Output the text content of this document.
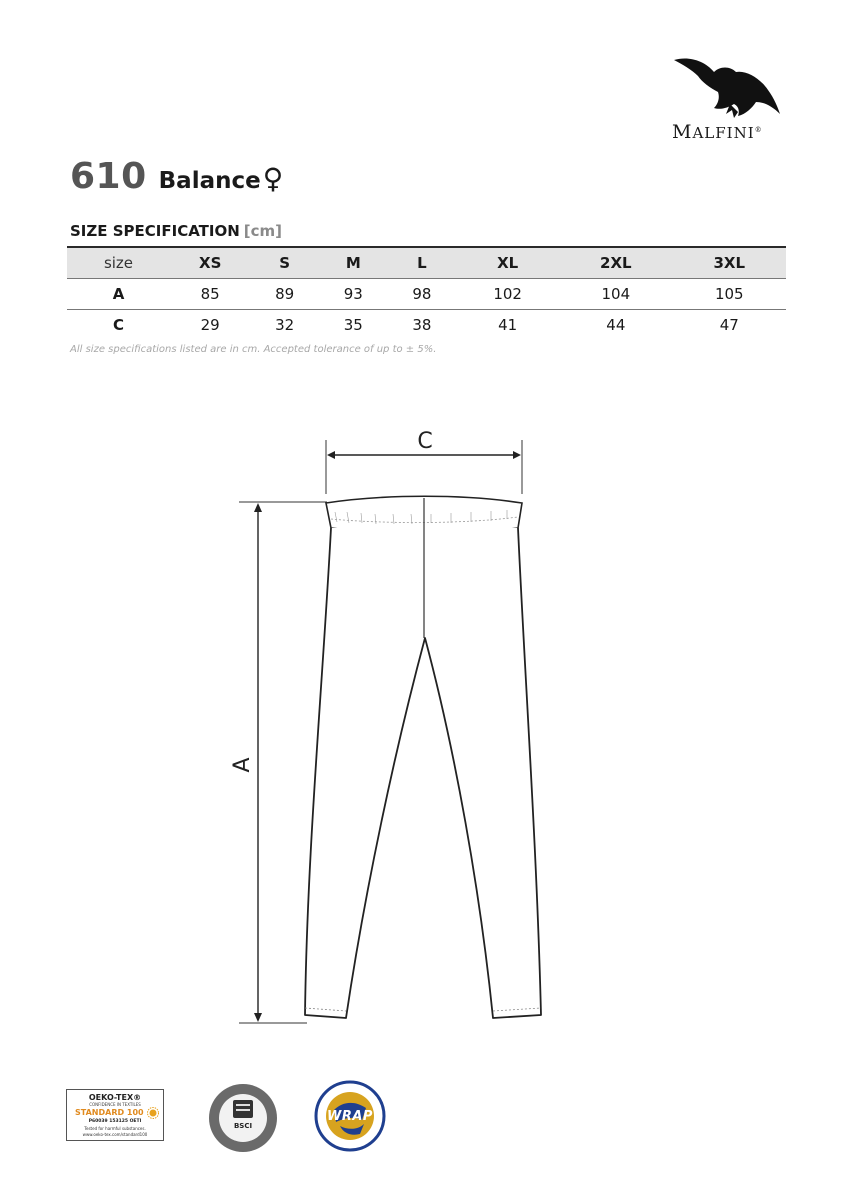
MALFINI®
610 Balance ♀
SIZE SPECIFICATION [cm]
size	XS	S	M	L	XL	2XL	3XL
A	85	89	93	98	102	104	105
C	29	32	35	38	41	44	47
All size specifications listed are in cm. Accepted tolerance of up to ± 5%.
C
A
OEKO-TEX®
CONFIDENCE IN TEXTILES
STANDARD 100
P60039 153125 OETI
Tested for harmful substances.
www.oeko-tex.com/standard100
BSCI
WRAP
